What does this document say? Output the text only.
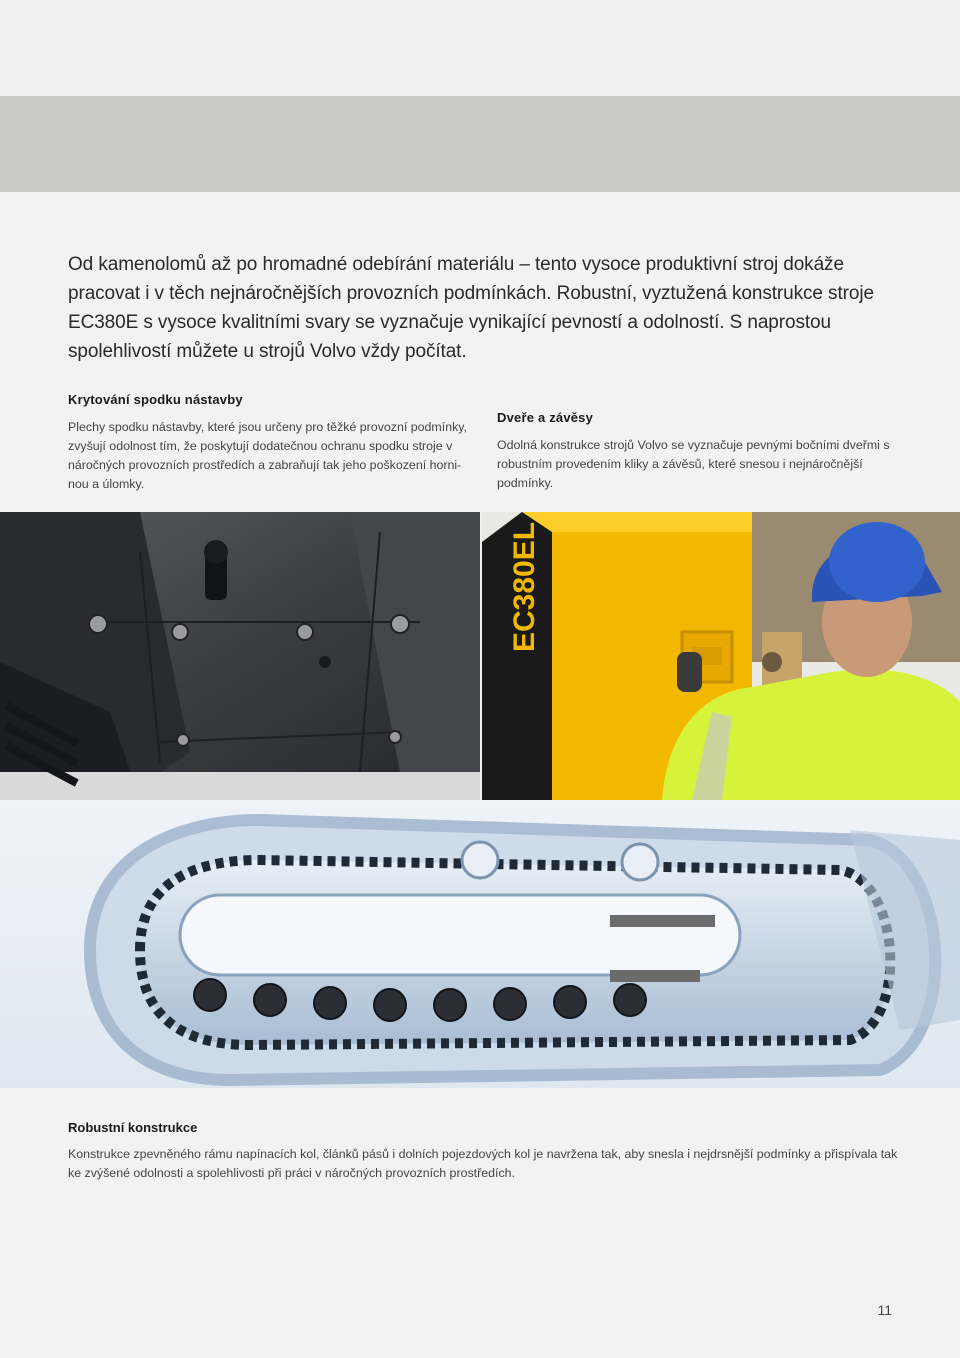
Od kamenolomů až po hromadné odebírání materiálu – tento vysoce produktivní stroj dokáže pracovat i v těch nejnáročnějších provozních podmínkách. Robustní, vyztužená konstrukce stroje EC380E s vysoce kvalitními svary se vyznačuje vynikající pevností a odolností. S naprostou spolehlivostí můžete u strojů Volvo vždy počítat.

Krytování spodku nástavby

Plechy spodku nástavby, které jsou určeny pro těžké provozní podmínky, zvyšují odolnost tím, že poskytují dodatečnou ochranu spodku stroje v náročných provozních prostředích a zabraňují tak jeho poškození horninou a úlomky.

Dveře a závěsy

Odolná konstrukce strojů Volvo se vyznačuje pevnými bočními dveřmi s robustním provedením kliky a závěsů, které snesou i nejnáročnější podmínky.

EC380EL
Robustní konstrukce

Konstrukce zpevněného rámu napínacích kol, článků pásů i dolních pojezdových kol je navržena tak, aby snesla i nejdrsnější podmínky a přispívala tak ke zvýšené odolnosti a spolehlivosti při práci v náročných provozních prostředích.

11
